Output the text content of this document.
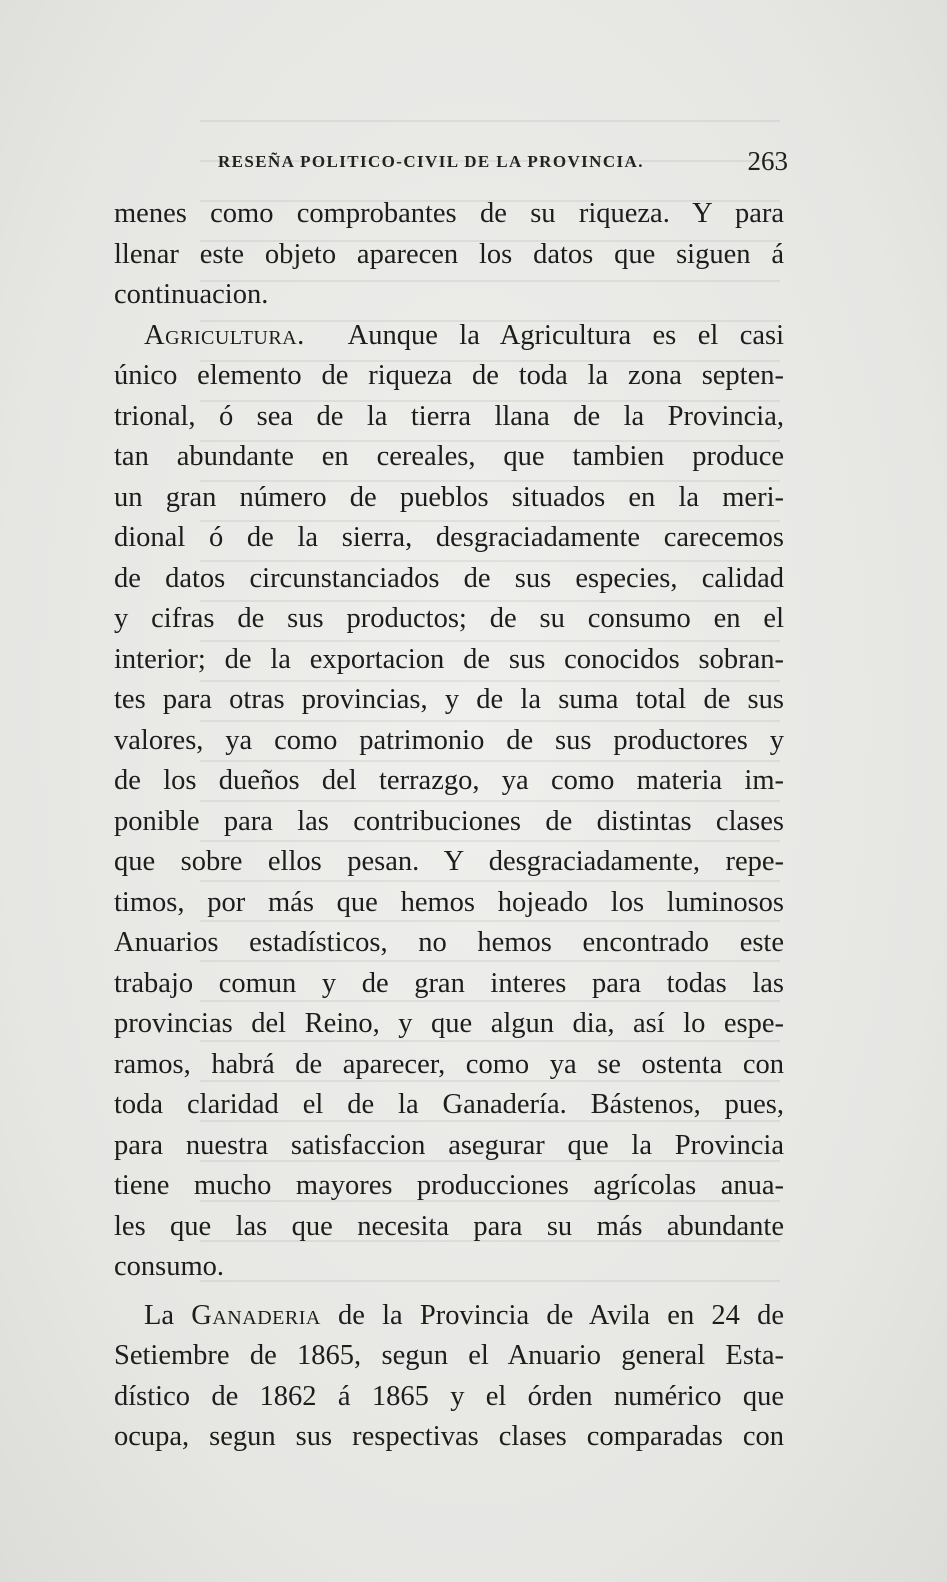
RESEÑA POLITICO-CIVIL DE LA PROVINCIA.	263
menes como comprobantes de su riqueza. Y para
llenar este objeto aparecen los datos que siguen á
continuacion.
Agricultura. Aunque la Agricultura es el casi
único elemento de riqueza de toda la zona septen-
trional, ó sea de la tierra llana de la Provincia,
tan abundante en cereales, que tambien produce
un gran número de pueblos situados en la meri-
dional ó de la sierra, desgraciadamente carecemos
de datos circunstanciados de sus especies, calidad
y cifras de sus productos; de su consumo en el
interior; de la exportacion de sus conocidos sobran-
tes para otras provincias, y de la suma total de sus
valores, ya como patrimonio de sus productores y
de los dueños del terrazgo, ya como materia im-
ponible para las contribuciones de distintas clases
que sobre ellos pesan. Y desgraciadamente, repe-
timos, por más que hemos hojeado los luminosos
Anuarios estadísticos, no hemos encontrado este
trabajo comun y de gran interes para todas las
provincias del Reino, y que algun dia, así lo espe-
ramos, habrá de aparecer, como ya se ostenta con
toda claridad el de la Ganadería. Bástenos, pues,
para nuestra satisfaccion asegurar que la Provincia
tiene mucho mayores producciones agrícolas anua-
les que las que necesita para su más abundante
consumo.
La Ganaderia de la Provincia de Avila en 24 de
Setiembre de 1865, segun el Anuario general Esta-
dístico de 1862 á 1865 y el órden numérico que
ocupa, segun sus respectivas clases comparadas con
